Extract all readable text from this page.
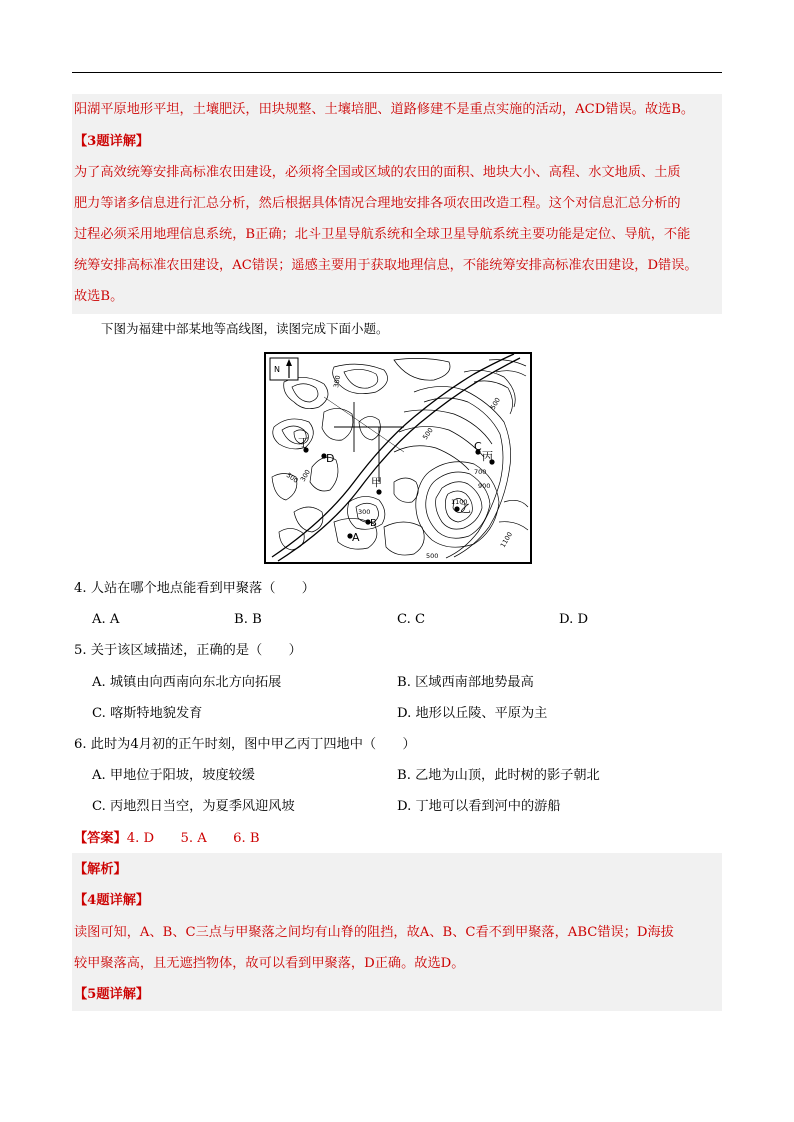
阳湖平原地形平坦，土壤肥沃，田块规整、土壤培肥、道路修建不是重点实施的活动，ACD错误。故选B。
【3题详解】
为了高效统筹安排高标准农田建设，必须将全国或区域的农田的面积、地块大小、高程、水文地质、土质
肥力等诸多信息进行汇总分析，然后根据具体情况合理地安排各项农田改造工程。这个对信息汇总分析的
过程必须采用地理信息系统，B正确；北斗卫星导航系统和全球卫星导航系统主要功能是定位、导航，不能
统筹安排高标准农田建设，AC错误；遥感主要用于获取地理信息，不能统筹安排高标准农田建设，D错误。
故选B。
下图为福建中部某地等高线图，读图完成下面小题。
N
300
500 300
500
500
700
900
1100
1100
300
500
丁
D
C
丙
甲
乙
A
B
4. 人站在哪个地点能看到甲聚落（　　）
A. A	B. B	C. C	D. D
5. 关于该区域描述，正确的是（　　）
A. 城镇由向西南向东北方向拓展	B. 区域西南部地势最高
C. 喀斯特地貌发育	D. 地形以丘陵、平原为主
6. 此时为4月初的正午时刻，图中甲乙丙丁四地中（　　）
A. 甲地位于阳坡，坡度较缓	B. 乙地为山顶，此时树的影子朝北
C. 丙地烈日当空，为夏季风迎风坡	D. 丁地可以看到河中的游船
【答案】4. D　　5. A　　6. B
【解析】
【4题详解】
读图可知，A、B、C三点与甲聚落之间均有山脊的阻挡，故A、B、C看不到甲聚落，ABC错误；D海拔
较甲聚落高，且无遮挡物体，故可以看到甲聚落，D正确。故选D。
【5题详解】
